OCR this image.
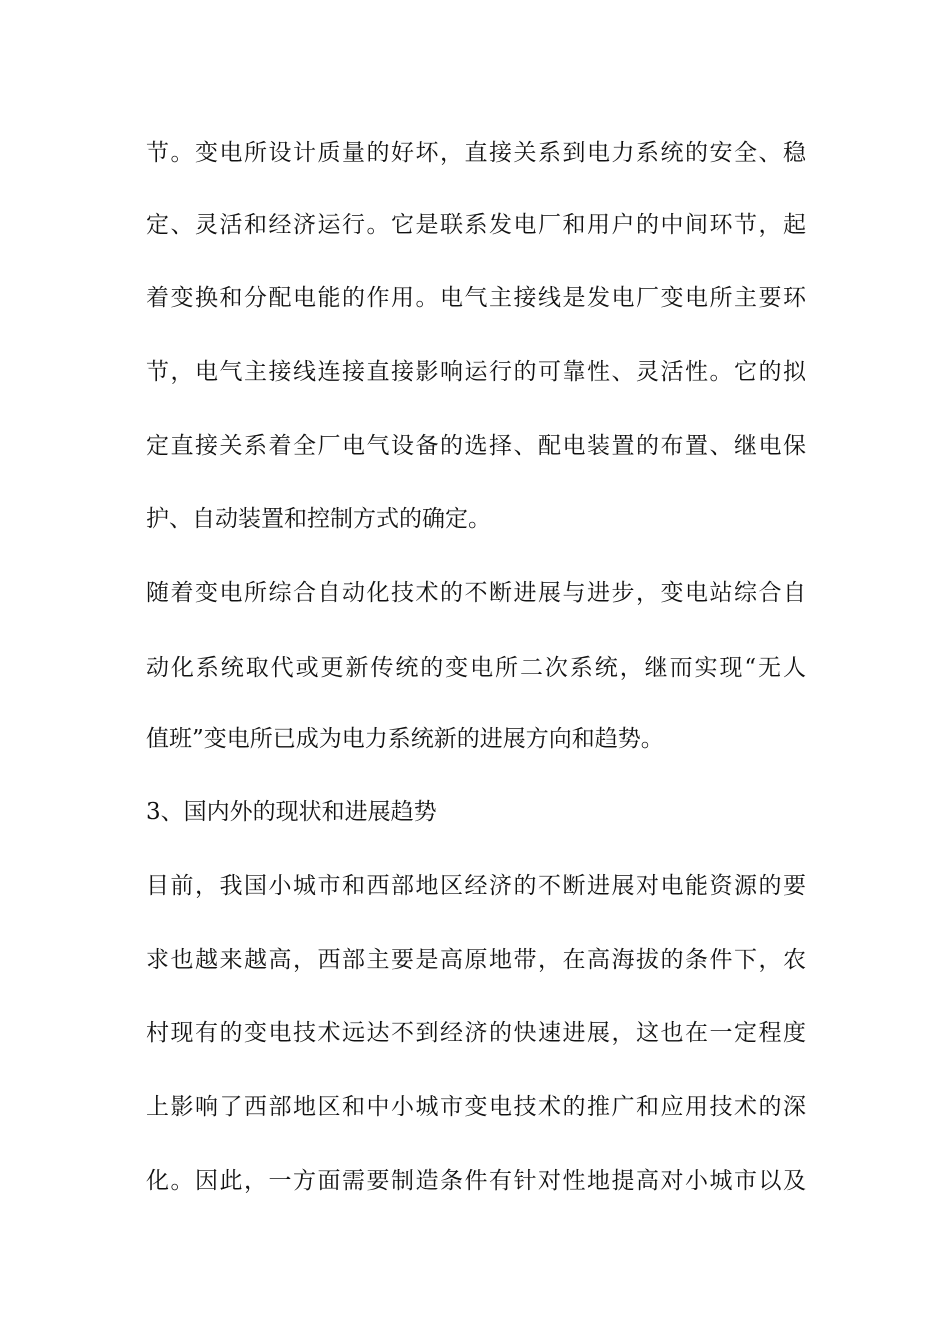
节。变电所设计质量的好坏，直接关系到电力系统的安全、稳
定、灵活和经济运行。它是联系发电厂和用户的中间环节，起
着变换和分配电能的作用。电气主接线是发电厂变电所主要环
节，电气主接线连接直接影响运行的可靠性、灵活性。它的拟
定直接关系着全厂电气设备的选择、配电装置的布置、继电保
护、自动装置和控制方式的确定。
随着变电所综合自动化技术的不断进展与进步，变电站综合自
动化系统取代或更新传统的变电所二次系统，继而实现“无人
值班”变电所已成为电力系统新的进展方向和趋势。
3、国内外的现状和进展趋势
目前，我国小城市和西部地区经济的不断进展对电能资源的要
求也越来越高，西部主要是高原地带，在高海拔的条件下，农
村现有的变电技术远达不到经济的快速进展，这也在一定程度
上影响了西部地区和中小城市变电技术的推广和应用技术的深
化。因此，一方面需要制造条件有针对性地提高对小城市以及
